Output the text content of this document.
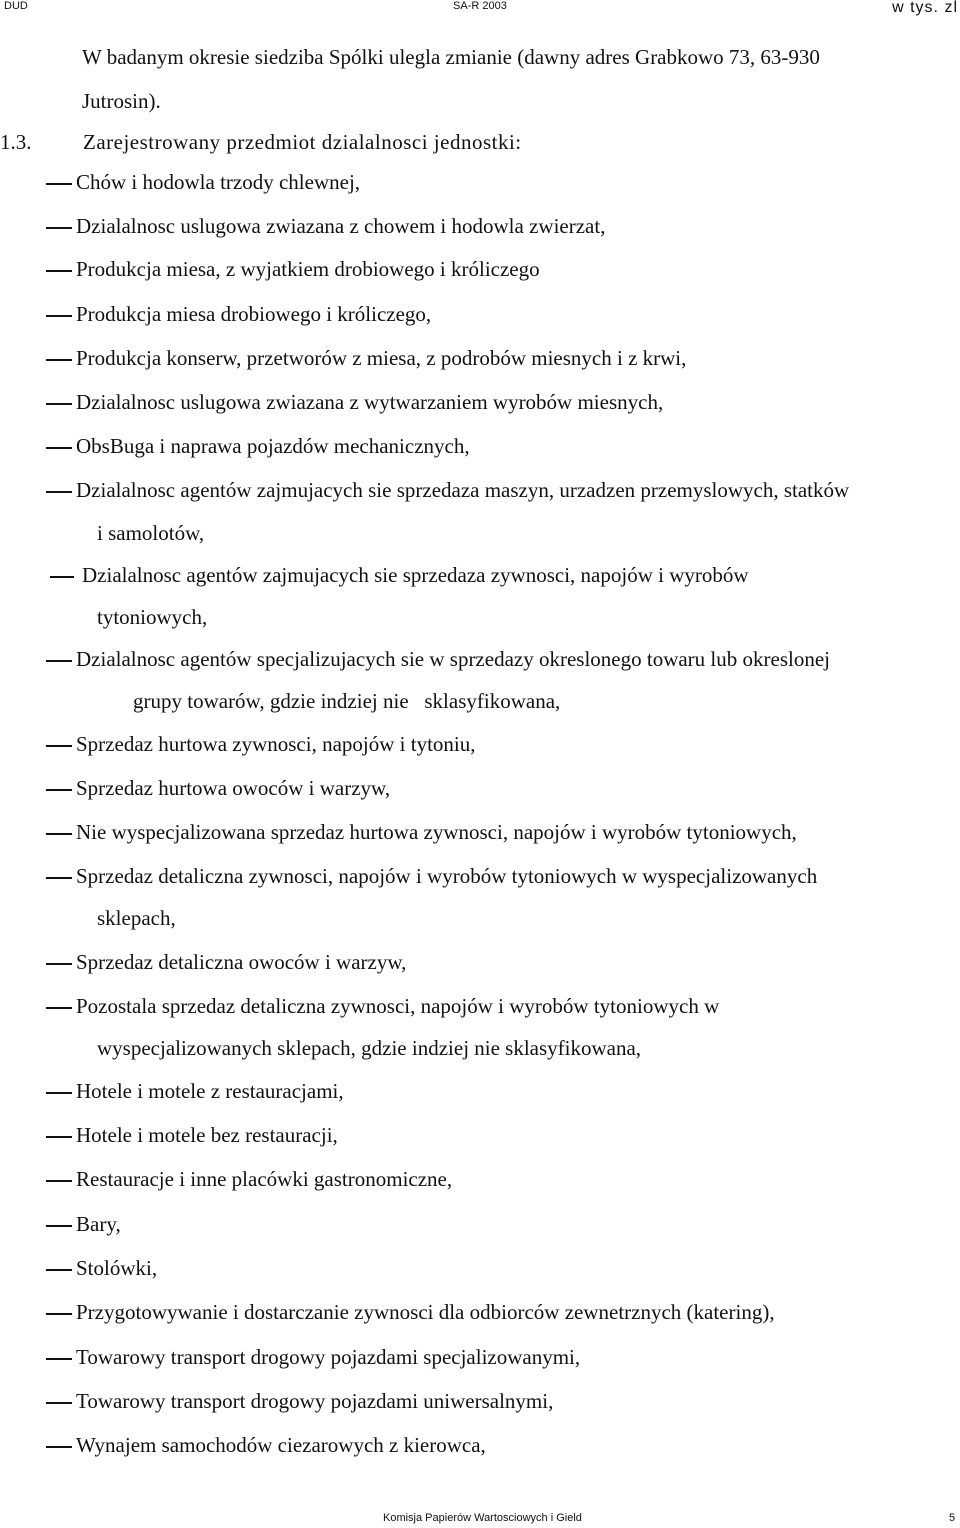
DUD	SA-R 2003	w tys. zl
W badanym okresie siedziba Spólki ulegla zmianie (dawny adres Grabkowo 73, 63-930
Jutrosin).
1.3. Zarejestrowany przedmiot dzialalnosci jednostki:
Chów i hodowla trzody chlewnej,
Dzialalnosc uslugowa zwiazana z chowem i hodowla zwierzat,
Produkcja miesa, z wyjatkiem drobiowego i króliczego
Produkcja miesa drobiowego i króliczego,
Produkcja konserw, przetworów z miesa, z podrobów miesnych i z krwi,
Dzialalnosc uslugowa zwiazana z wytwarzaniem wyrobów miesnych,
ObsBuga i naprawa pojazdów mechanicznych,
Dzialalnosc agentów zajmujacych sie sprzedaza maszyn, urzadzen przemyslowych, statków
i samolotów,
Dzialalnosc agentów zajmujacych sie sprzedaza zywnosci, napojów i wyrobów
tytoniowych,
Dzialalnosc agentów specjalizujacych sie w sprzedazy okreslonego towaru lub okreslonej
grupy towarów, gdzie indziej nie   sklasyfikowana,
Sprzedaz hurtowa zywnosci, napojów i tytoniu,
Sprzedaz hurtowa owoców i warzyw,
Nie wyspecjalizowana sprzedaz hurtowa zywnosci, napojów i wyrobów tytoniowych,
Sprzedaz detaliczna zywnosci, napojów i wyrobów tytoniowych w wyspecjalizowanych
sklepach,
Sprzedaz detaliczna owoców i warzyw,
Pozostala sprzedaz detaliczna zywnosci, napojów i wyrobów tytoniowych w
wyspecjalizowanych sklepach, gdzie indziej nie sklasyfikowana,
Hotele i motele z restauracjami,
Hotele i motele bez restauracji,
Restauracje i inne placówki gastronomiczne,
Bary,
Stolówki,
Przygotowywanie i dostarczanie zywnosci dla odbiorców zewnetrznych (katering),
Towarowy transport drogowy pojazdami specjalizowanymi,
Towarowy transport drogowy pojazdami uniwersalnymi,
Wynajem samochodów ciezarowych z kierowca,
Komisja Papierów Wartosciowych i Gield	5
